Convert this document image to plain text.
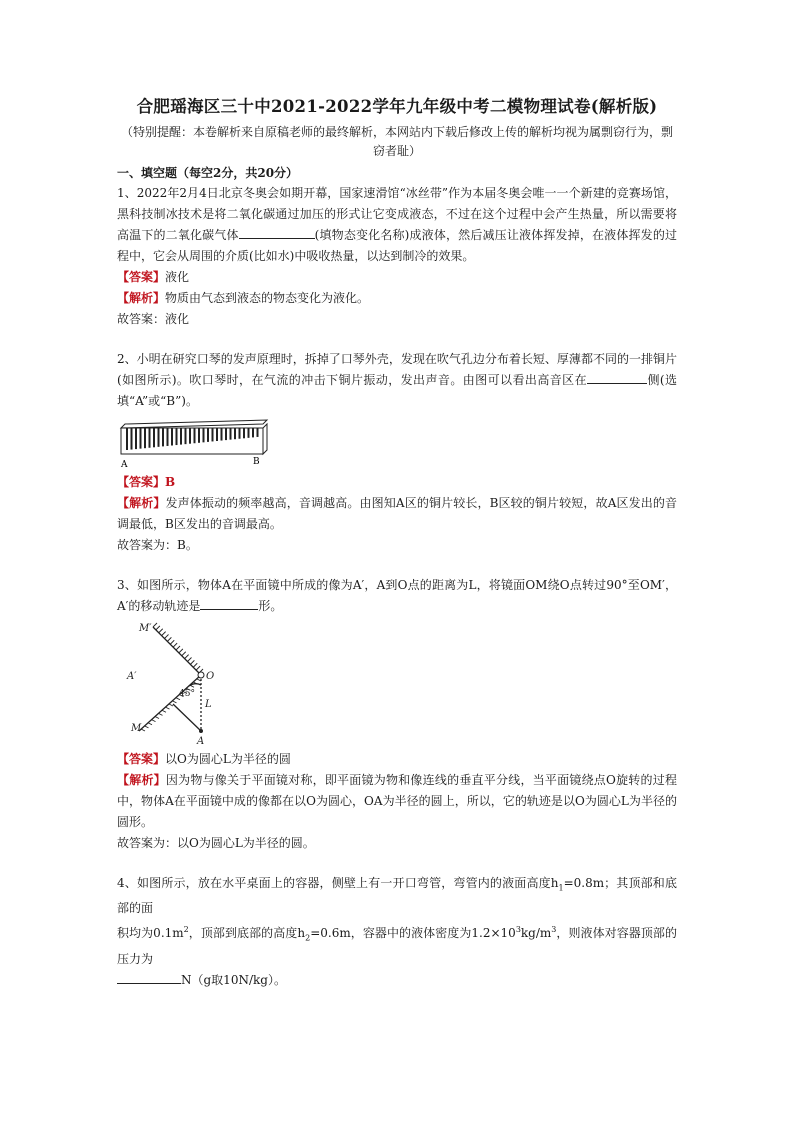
合肥瑶海区三十中2021-2022学年九年级中考二模物理试卷(解析版)
（特别提醒：本卷解析来自原稿老师的最终解析，本网站内下载后修改上传的解析均视为属剽窃行为，剽窃者耻）
一、填空题（每空2分，共20分）

1、2022年2月4日北京冬奥会如期开幕，国家速滑馆“冰丝带”作为本届冬奥会唯一一个新建的竞赛场馆，黑科技制冰技术是将二氧化碳通过加压的形式让它变成液态，不过在这个过程中会产生热量，所以需要将高温下的二氧化碳气体	(填物态变化名称)成液体，然后减压让液体挥发掉，在液体挥发的过程中，它会从周围的介质(比如水)中吸收热量，以达到制冷的效果。

【答案】液化

【解析】物质由气态到液态的物态变化为液化。

故答案：液化

2、小明在研究口琴的发声原理时，拆掉了口琴外壳，发现在吹气孔边分布着长短、厚薄都不同的一排铜片(如图所示)。吹口琴时，在气流的冲击下铜片振动，发出声音。由图可以看出高音区在	侧(选填“A”或“B”)。

A	B

【答案】B

【解析】发声体振动的频率越高，音调越高。由图知A区的铜片较长，B区较的铜片较短，故A区发出的音调最低，B区发出的音调最高。

故答案为：B。

3、如图所示，物体A在平面镜中所成的像为A′，A到O点的距离为L，将镜面OM绕O点转过90°至OM′，A′的移动轨迹是	形。

M′
A′	O
45°
L
M
A

【答案】以O为圆心L为半径的圆

【解析】因为物与像关于平面镜对称，即平面镜为物和像连线的垂直平分线，当平面镜绕点O旋转的过程中，物体A在平面镜中成的像都在以O为圆心，OA为半径的圆上，所以，它的轨迹是以O为圆心L为半径的圆形。

故答案为：以O为圆心L为半径的圆。

4、如图所示，放在水平桌面上的容器，侧壁上有一开口弯管，弯管内的液面高度$h_1=0.8m$；其顶部和底部的面

积均为$0.1m^2$，顶部到底部的高度$h_2=0.6m$，容器中的液体密度为$1.2\times 10^3kg/m^3$，则液体对容器顶部的压力为

N（g取10N/kg）。
